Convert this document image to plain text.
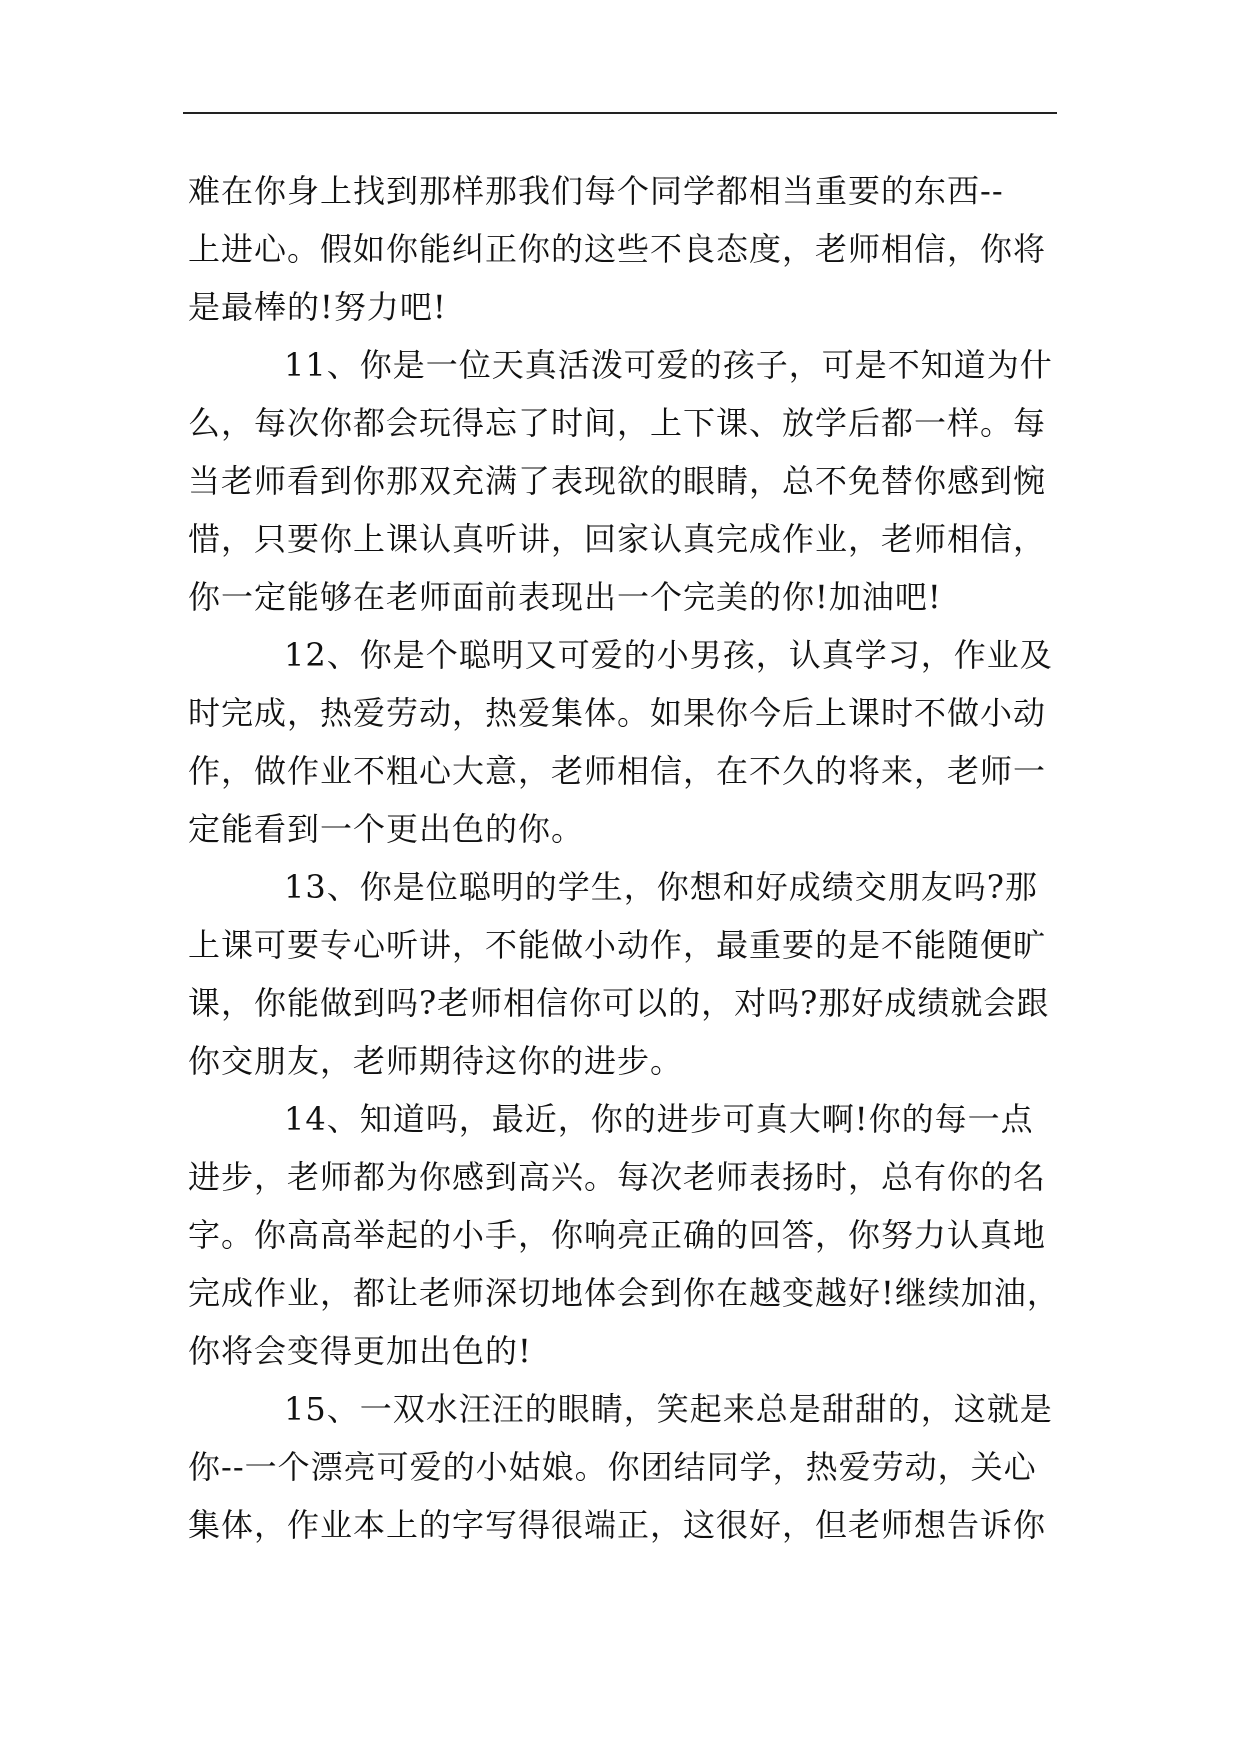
难在你身上找到那样那我们每个同学都相当重要的东西--
上进心。假如你能纠正你的这些不良态度，老师相信，你将
是最棒的!努力吧!
11、你是一位天真活泼可爱的孩子，可是不知道为什
么，每次你都会玩得忘了时间，上下课、放学后都一样。每
当老师看到你那双充满了表现欲的眼睛，总不免替你感到惋
惜，只要你上课认真听讲，回家认真完成作业，老师相信，
你一定能够在老师面前表现出一个完美的你!加油吧!
12、你是个聪明又可爱的小男孩，认真学习，作业及
时完成，热爱劳动，热爱集体。如果你今后上课时不做小动
作，做作业不粗心大意，老师相信，在不久的将来，老师一
定能看到一个更出色的你。
13、你是位聪明的学生，你想和好成绩交朋友吗?那
上课可要专心听讲，不能做小动作，最重要的是不能随便旷
课，你能做到吗?老师相信你可以的，对吗?那好成绩就会跟
你交朋友，老师期待这你的进步。
14、知道吗，最近，你的进步可真大啊!你的每一点
进步，老师都为你感到高兴。每次老师表扬时，总有你的名
字。你高高举起的小手，你响亮正确的回答，你努力认真地
完成作业，都让老师深切地体会到你在越变越好!继续加油，
你将会变得更加出色的!
15、一双水汪汪的眼睛，笑起来总是甜甜的，这就是
你--一个漂亮可爱的小姑娘。你团结同学，热爱劳动，关心
集体，作业本上的字写得很端正，这很好，但老师想告诉你
